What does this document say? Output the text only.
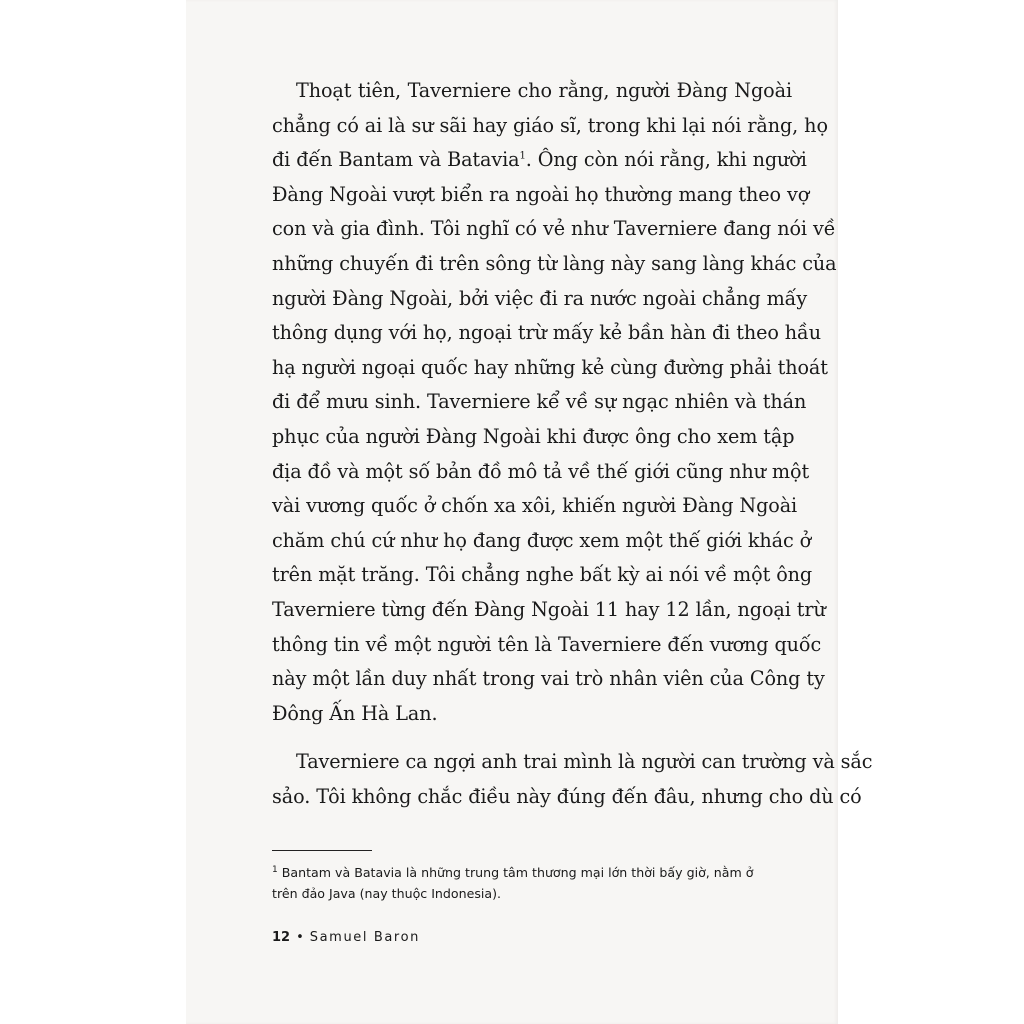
Thoạt tiên, Taverniere cho rằng, người Đàng Ngoài
chẳng có ai là sư sãi hay giáo sĩ, trong khi lại nói rằng, họ
đi đến Bantam và Batavia$^1$. Ông còn nói rằng, khi người
Đàng Ngoài vượt biển ra ngoài họ thường mang theo vợ
con và gia đình. Tôi nghĩ có vẻ như Taverniere đang nói về
những chuyến đi trên sông từ làng này sang làng khác của
người Đàng Ngoài, bởi việc đi ra nước ngoài chẳng mấy
thông dụng với họ, ngoại trừ mấy kẻ bần hàn đi theo hầu
hạ người ngoại quốc hay những kẻ cùng đường phải thoát
đi để mưu sinh. Taverniere kể về sự ngạc nhiên và thán
phục của người Đàng Ngoài khi được ông cho xem tập
địa đồ và một số bản đồ mô tả về thế giới cũng như một
vài vương quốc ở chốn xa xôi, khiến người Đàng Ngoài
chăm chú cứ như họ đang được xem một thế giới khác ở
trên mặt trăng. Tôi chẳng nghe bất kỳ ai nói về một ông
Taverniere từng đến Đàng Ngoài 11 hay 12 lần, ngoại trừ
thông tin về một người tên là Taverniere đến vương quốc
này một lần duy nhất trong vai trò nhân viên của Công ty
Đông Ấn Hà Lan.

Taverniere ca ngợi anh trai mình là người can trường và sắc
sảo. Tôi không chắc điều này đúng đến đâu, nhưng cho dù có

$^1$ Bantam và Batavia là những trung tâm thương mại lớn thời bấy giờ, nằm ở
trên đảo Java (nay thuộc Indonesia).
12 • Samuel Baron
